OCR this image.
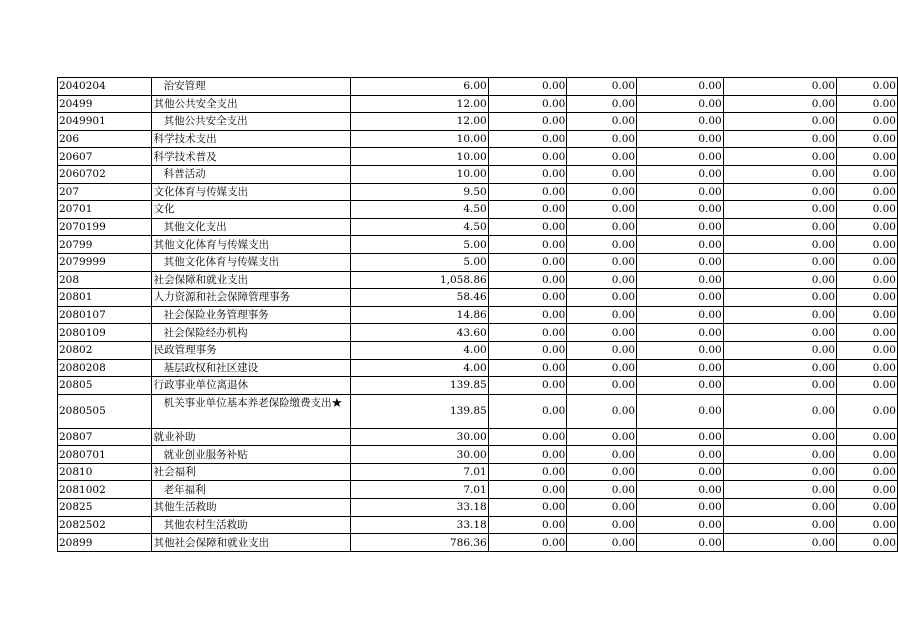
2040204	治安管理	6.00	0.00	0.00	0.00	0.00	0.00
20499	其他公共安全支出	12.00	0.00	0.00	0.00	0.00	0.00
2049901	其他公共安全支出	12.00	0.00	0.00	0.00	0.00	0.00
206	科学技术支出	10.00	0.00	0.00	0.00	0.00	0.00
20607	科学技术普及	10.00	0.00	0.00	0.00	0.00	0.00
2060702	科普活动	10.00	0.00	0.00	0.00	0.00	0.00
207	文化体育与传媒支出	9.50	0.00	0.00	0.00	0.00	0.00
20701	文化	4.50	0.00	0.00	0.00	0.00	0.00
2070199	其他文化支出	4.50	0.00	0.00	0.00	0.00	0.00
20799	其他文化体育与传媒支出	5.00	0.00	0.00	0.00	0.00	0.00
2079999	其他文化体育与传媒支出	5.00	0.00	0.00	0.00	0.00	0.00
208	社会保障和就业支出	1,058.86	0.00	0.00	0.00	0.00	0.00
20801	人力资源和社会保障管理事务	58.46	0.00	0.00	0.00	0.00	0.00
2080107	社会保险业务管理事务	14.86	0.00	0.00	0.00	0.00	0.00
2080109	社会保险经办机构	43.60	0.00	0.00	0.00	0.00	0.00
20802	民政管理事务	4.00	0.00	0.00	0.00	0.00	0.00
2080208	基层政权和社区建设	4.00	0.00	0.00	0.00	0.00	0.00
20805	行政事业单位离退休	139.85	0.00	0.00	0.00	0.00	0.00
2080505	机关事业单位基本养老保险缴费支出★	139.85	0.00	0.00	0.00	0.00	0.00
20807	就业补助	30.00	0.00	0.00	0.00	0.00	0.00
2080701	就业创业服务补贴	30.00	0.00	0.00	0.00	0.00	0.00
20810	社会福利	7.01	0.00	0.00	0.00	0.00	0.00
2081002	老年福利	7.01	0.00	0.00	0.00	0.00	0.00
20825	其他生活救助	33.18	0.00	0.00	0.00	0.00	0.00
2082502	其他农村生活救助	33.18	0.00	0.00	0.00	0.00	0.00
20899	其他社会保障和就业支出	786.36	0.00	0.00	0.00	0.00	0.00
